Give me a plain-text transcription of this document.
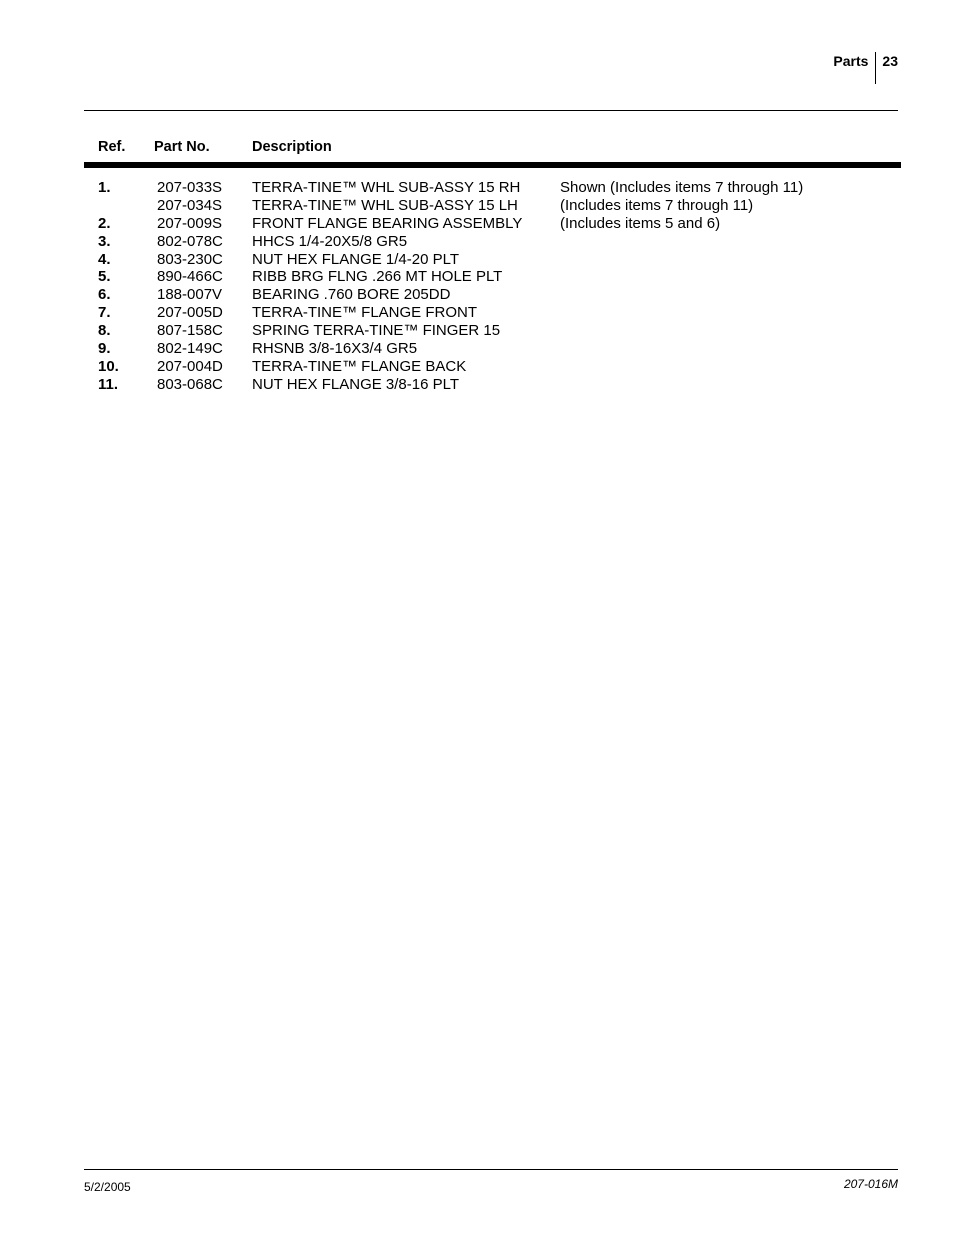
Parts	23
Ref. Part No.	Description
1.	207-033S TERRA-TINE™ WHL SUB-ASSY 15 RH	Shown (Includes items 7 through 11)
207-034S TERRA-TINE™ WHL SUB-ASSY 15 LH	(Includes items 7 through 11)
2.	207-009S FRONT FLANGE BEARING ASSEMBLY	(Includes items 5 and 6)
3.	802-078C HHCS 1/4-20X5/8 GR5
4.	803-230C NUT HEX FLANGE 1/4-20 PLT
5.	890-466C RIBB BRG FLNG .266 MT HOLE PLT
6.	188-007V BEARING .760 BORE 205DD
7.	207-005D TERRA-TINE™ FLANGE FRONT
8.	807-158C SPRING TERRA-TINE™ FINGER 15
9.	802-149C RHSNB 3/8-16X3/4 GR5
10.	207-004D TERRA-TINE™ FLANGE BACK
11.	803-068C NUT HEX FLANGE 3/8-16 PLT
5/2/2005	207-016M
